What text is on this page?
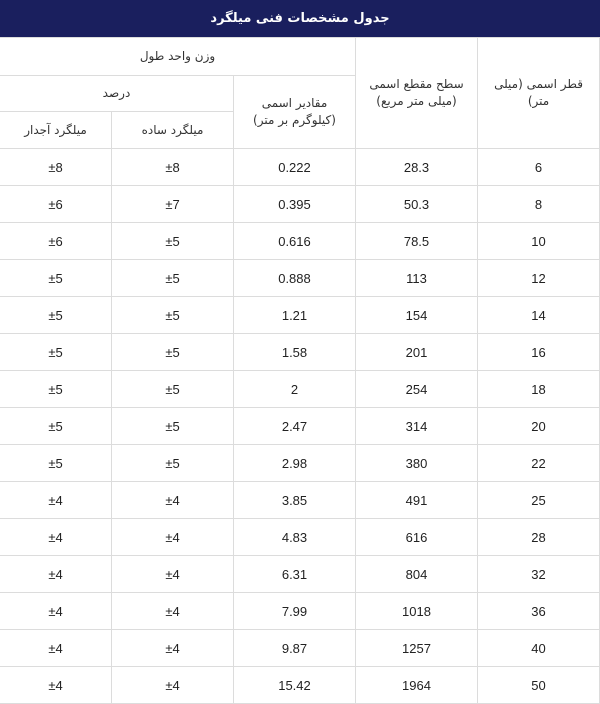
جدول مشخصات فنی میلگرد
قطر اسمی (میلی متر)	سطح مقطع اسمی (میلی متر مربع)	وزن واحد طول		
		مقادیر اسمی (کیلوگرم بر متر)	درصد	
			میلگرد ساده	میلگرد آجدار
6	28.3	0.222	±8	±8
8	50.3	0.395	±7	±6
10	78.5	0.616	±5	±6
12	113	0.888	±5	±5
14	154	1.21	±5	±5
16	201	1.58	±5	±5
18	254	2	±5	±5
20	314	2.47	±5	±5
22	380	2.98	±5	±5
25	491	3.85	±4	±4
28	616	4.83	±4	±4
32	804	6.31	±4	±4
36	1018	7.99	±4	±4
40	1257	9.87	±4	±4
50	1964	15.42	±4	±4
